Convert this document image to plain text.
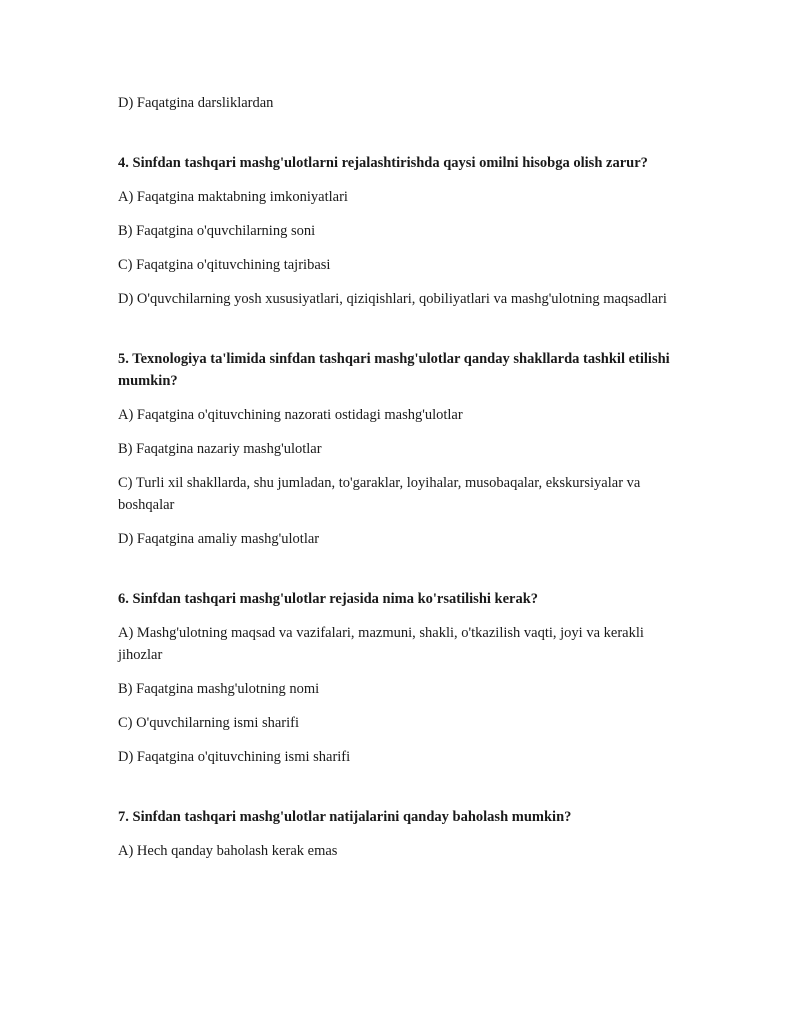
D) Faqatgina darsliklardan

4. Sinfdan tashqari mashg'ulotlarni rejalashtirishda qaysi omilni hisobga olish zarur?

A) Faqatgina maktabning imkoniyatlari

B) Faqatgina o'quvchilarning soni

C) Faqatgina o'qituvchining tajribasi

D) O'quvchilarning yosh xususiyatlari, qiziqishlari, qobiliyatlari va mashg'ulotning maqsadlari

5. Texnologiya ta'limida sinfdan tashqari mashg'ulotlar qanday shakllarda tashkil etilishi mumkin?

A) Faqatgina o'qituvchining nazorati ostidagi mashg'ulotlar

B) Faqatgina nazariy mashg'ulotlar

C) Turli xil shakllarda, shu jumladan, to'garaklar, loyihalar, musobaqalar, ekskursiyalar va boshqalar

D) Faqatgina amaliy mashg'ulotlar

6. Sinfdan tashqari mashg'ulotlar rejasida nima ko'rsatilishi kerak?

A) Mashg'ulotning maqsad va vazifalari, mazmuni, shakli, o'tkazilish vaqti, joyi va kerakli jihozlar

B) Faqatgina mashg'ulotning nomi

C) O'quvchilarning ismi sharifi

D) Faqatgina o'qituvchining ismi sharifi

7. Sinfdan tashqari mashg'ulotlar natijalarini qanday baholash mumkin?

A) Hech qanday baholash kerak emas
